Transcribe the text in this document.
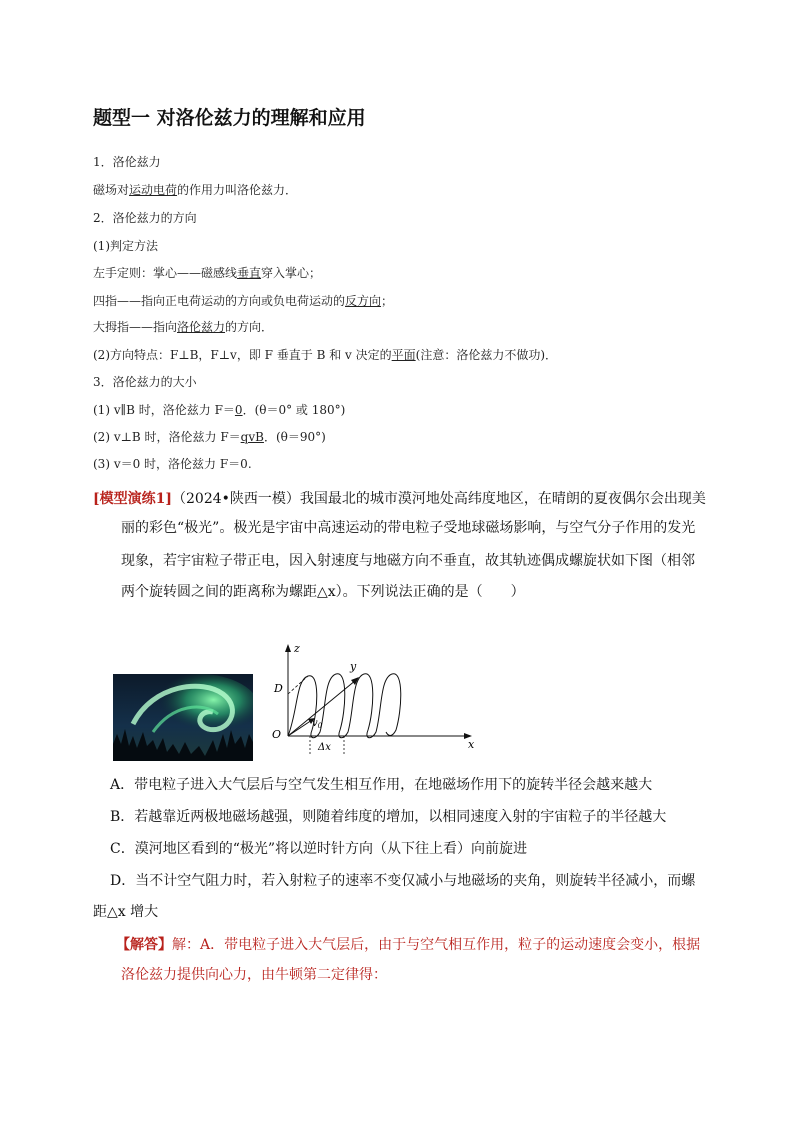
题型一 对洛伦兹力的理解和应用
1．洛伦兹力
磁场对运动电荷的作用力叫洛伦兹力．
2．洛伦兹力的方向
(1)判定方法
左手定则：掌心——磁感线垂直穿入掌心；
四指——指向正电荷运动的方向或负电荷运动的反方向；
大拇指——指向洛伦兹力的方向．
(2)方向特点：F⊥B，F⊥v，即 F 垂直于 B 和 v 决定的平面(注意：洛伦兹力不做功)．
3．洛伦兹力的大小
(1) v∥B 时，洛伦兹力 F＝0．(θ＝0° 或 180°)
(2) v⊥B 时，洛伦兹力 F＝qvB．(θ＝90°)
(3) v＝0 时，洛伦兹力 F＝0.
[模型演练1]（2024•陕西一模）我国最北的城市漠河地处高纬度地区，在晴朗的夏夜偶尔会出现美
丽的彩色“极光”。极光是宇宙中高速运动的带电粒子受地球磁场影响，与空气分子作用的发光
现象，若宇宙粒子带正电，因入射速度与地磁方向不垂直，故其轨迹偶成螺旋状如下图（相邻
两个旋转圆之间的距离称为螺距△x）。下列说法正确的是（　　）
z
y
x
D
O
$v_0$
Δx
A．带电粒子进入大气层后与空气发生相互作用，在地磁场作用下的旋转半径会越来越大
B．若越靠近两极地磁场越强，则随着纬度的增加，以相同速度入射的宇宙粒子的半径越大
C．漠河地区看到的“极光”将以逆时针方向（从下往上看）向前旋进
D．当不计空气阻力时，若入射粒子的速率不变仅减小与地磁场的夹角，则旋转半径减小，而螺
距△x 增大
【解答】解：A．带电粒子进入大气层后，由于与空气相互作用，粒子的运动速度会变小，根据
洛伦兹力提供向心力，由牛顿第二定律得：
